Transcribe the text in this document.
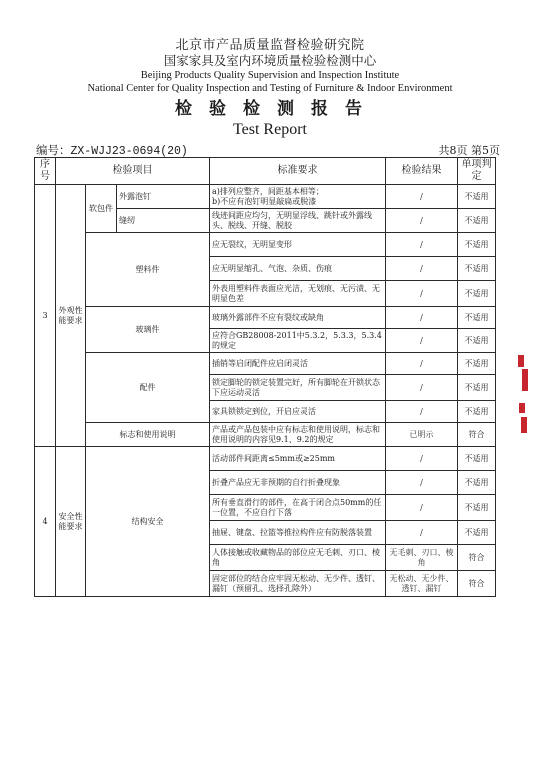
北京市产品质量监督检验研究院
国家家具及室内环境质量检验检测中心
Beijing Products Quality Supervision and Inspection Institute
National Center for Quality Inspection and Testing of Furniture & Indoor Environment
检验检测报告
Test Report
编号：ZX-WJJ23-0694(20)	共8页 第5页
序号	检验项目			标准要求	检验结果	单项判定
3	外观性能要求	软包件	外露泡钉	a)排列应整齐，间距基本相等；
b)不应有泡钉明显敲扁或脱漆	/	不适用
			缝纫	线迹间距应均匀，无明显浮线、跳针或外露线头、脱线、开缝、脱胶	/	不适用
		塑料件		应无裂纹，无明显变形	/	不适用
				应无明显缩孔、气泡、杂质、伤痕	/	不适用
				外表用塑料件表面应光洁，无划痕、无污渍、无明显色差	/	不适用
		玻璃件		玻璃外露部件不应有裂纹或缺角	/	不适用
				应符合GB28008-2011中5.3.2，5.3.3，5.3.4的规定	/	不适用
		配件		插销等启闭配件应启闭灵活	/	不适用
				锁定脚轮的锁定装置完好，所有脚轮在开锁状态下应运动灵活	/	不适用
				家具锁锁定到位，开启应灵活	/	不适用
		标志和使用说明		产品或产品包装中应有标志和使用说明，标志和使用说明的内容见9.1、9.2的规定	已明示	符合
4	安全性能要求	结构安全		活动部件间距离≤5mm或≥25mm	/	不适用
				折叠产品应无非预期的自行折叠现象	/	不适用
				所有垂直滑行的部件，在高于闭合点50mm的任一位置，不应自行下落	/	不适用
				抽屉、键盘、拉篮等推拉构件应有防脱落装置	/	不适用
				人体接触或收藏物品的部位应无毛刺、刃口、棱角	无毛刺、刃口、棱角	符合
				固定部位的结合应牢固无松动、无少件、透钉、漏钉（预留孔、选择孔除外）	无松动、无少件、透钉、漏钉	符合
